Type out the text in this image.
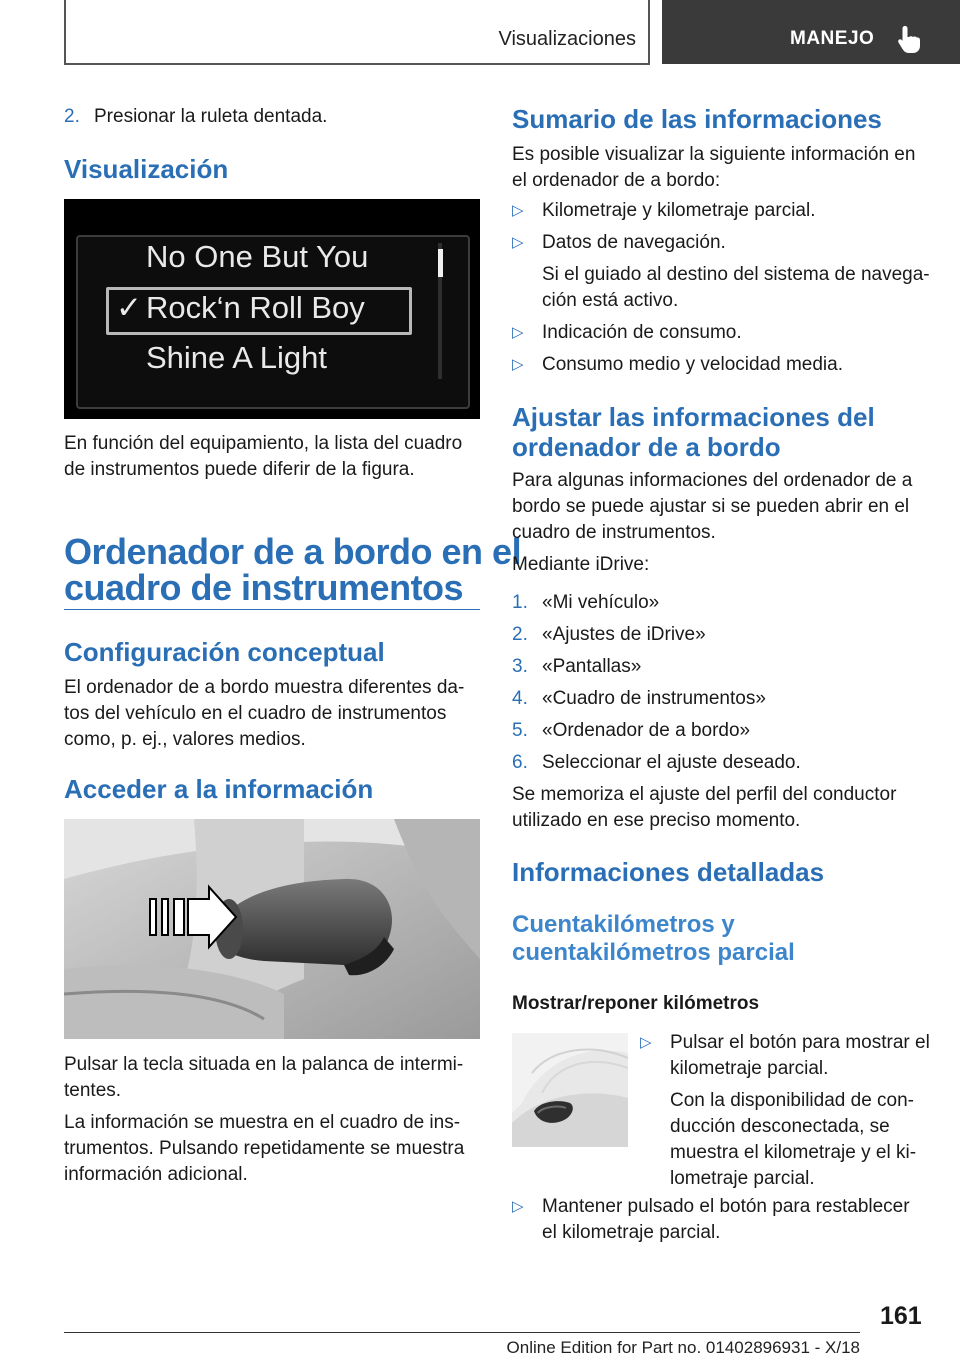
Visualizaciones	MANEJO
2. Presionar la ruleta dentada.
Visualización
No One But You
✓ Rock‘n Roll Boy
Shine A Light
En función del equipamiento, la lista del cuadro
de instrumentos puede diferir de la figura.
Ordenador de a bordo en el
cuadro de instrumentos
Configuración conceptual
El ordenador de a bordo muestra diferentes da-
tos del vehículo en el cuadro de instrumentos
como, p. ej., valores medios.
Acceder a la información
Pulsar la tecla situada en la palanca de intermi-
tentes.
La información se muestra en el cuadro de ins-
trumentos. Pulsando repetidamente se muestra
información adicional.
Sumario de las informaciones
Es posible visualizar la siguiente información en
el ordenador de a bordo:
▷ Kilometraje y kilometraje parcial.
▷ Datos de navegación.
Si el guiado al destino del sistema de navega-
ción está activo.
▷ Indicación de consumo.
▷ Consumo medio y velocidad media.
Ajustar las informaciones del
ordenador de a bordo
Para algunas informaciones del ordenador de a
bordo se puede ajustar si se pueden abrir en el
cuadro de instrumentos.
Mediante iDrive:
1. «Mi vehículo»
2. «Ajustes de iDrive»
3. «Pantallas»
4. «Cuadro de instrumentos»
5. «Ordenador de a bordo»
6. Seleccionar el ajuste deseado.
Se memoriza el ajuste del perfil del conductor
utilizado en ese preciso momento.
Informaciones detalladas
Cuentakilómetros y
cuentakilómetros parcial
Mostrar/reponer kilómetros
▷ Pulsar el botón para mostrar el
kilometraje parcial.
Con la disponibilidad de con-
ducción desconectada, se
muestra el kilometraje y el ki-
lometraje parcial.
▷ Mantener pulsado el botón para restablecer
el kilometraje parcial.
161
Online Edition for Part no. 01402896931 - X/18
